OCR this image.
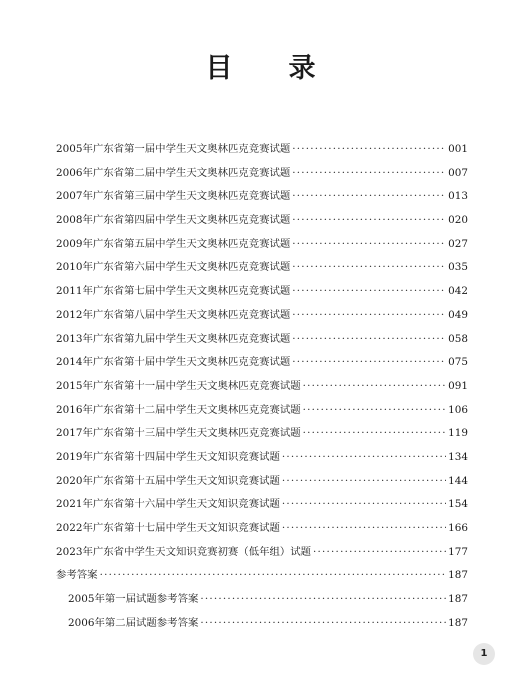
目 录
2005年广东省第一届中学生天文奥林匹克竞赛试题 ·····	001
2006年广东省第二届中学生天文奥林匹克竞赛试题 ·····	007
2007年广东省第三届中学生天文奥林匹克竞赛试题 ·····	013
2008年广东省第四届中学生天文奥林匹克竞赛试题 ·····	020
2009年广东省第五届中学生天文奥林匹克竞赛试题 ·····	027
2010年广东省第六届中学生天文奥林匹克竞赛试题 ·····	035
2011年广东省第七届中学生天文奥林匹克竞赛试题 ·····	042
2012年广东省第八届中学生天文奥林匹克竞赛试题 ·····	049
2013年广东省第九届中学生天文奥林匹克竞赛试题 ·····	058
2014年广东省第十届中学生天文奥林匹克竞赛试题 ·····	075
2015年广东省第十一届中学生天文奥林匹克竞赛试题 ·····	091
2016年广东省第十二届中学生天文奥林匹克竞赛试题 ·····	106
2017年广东省第十三届中学生天文奥林匹克竞赛试题 ·····	119
2019年广东省第十四届中学生天文知识竞赛试题 ·····	134
2020年广东省第十五届中学生天文知识竞赛试题 ·····	144
2021年广东省第十六届中学生天文知识竞赛试题 ·····	154
2022年广东省第十七届中学生天文知识竞赛试题 ·····	166
2023年广东省中学生天文知识竞赛初赛（低年组）试题 ·····	177
参考答案 ·····	187
2005年第一届试题参考答案 ·····	187
2006年第二届试题参考答案 ·····	187
1
